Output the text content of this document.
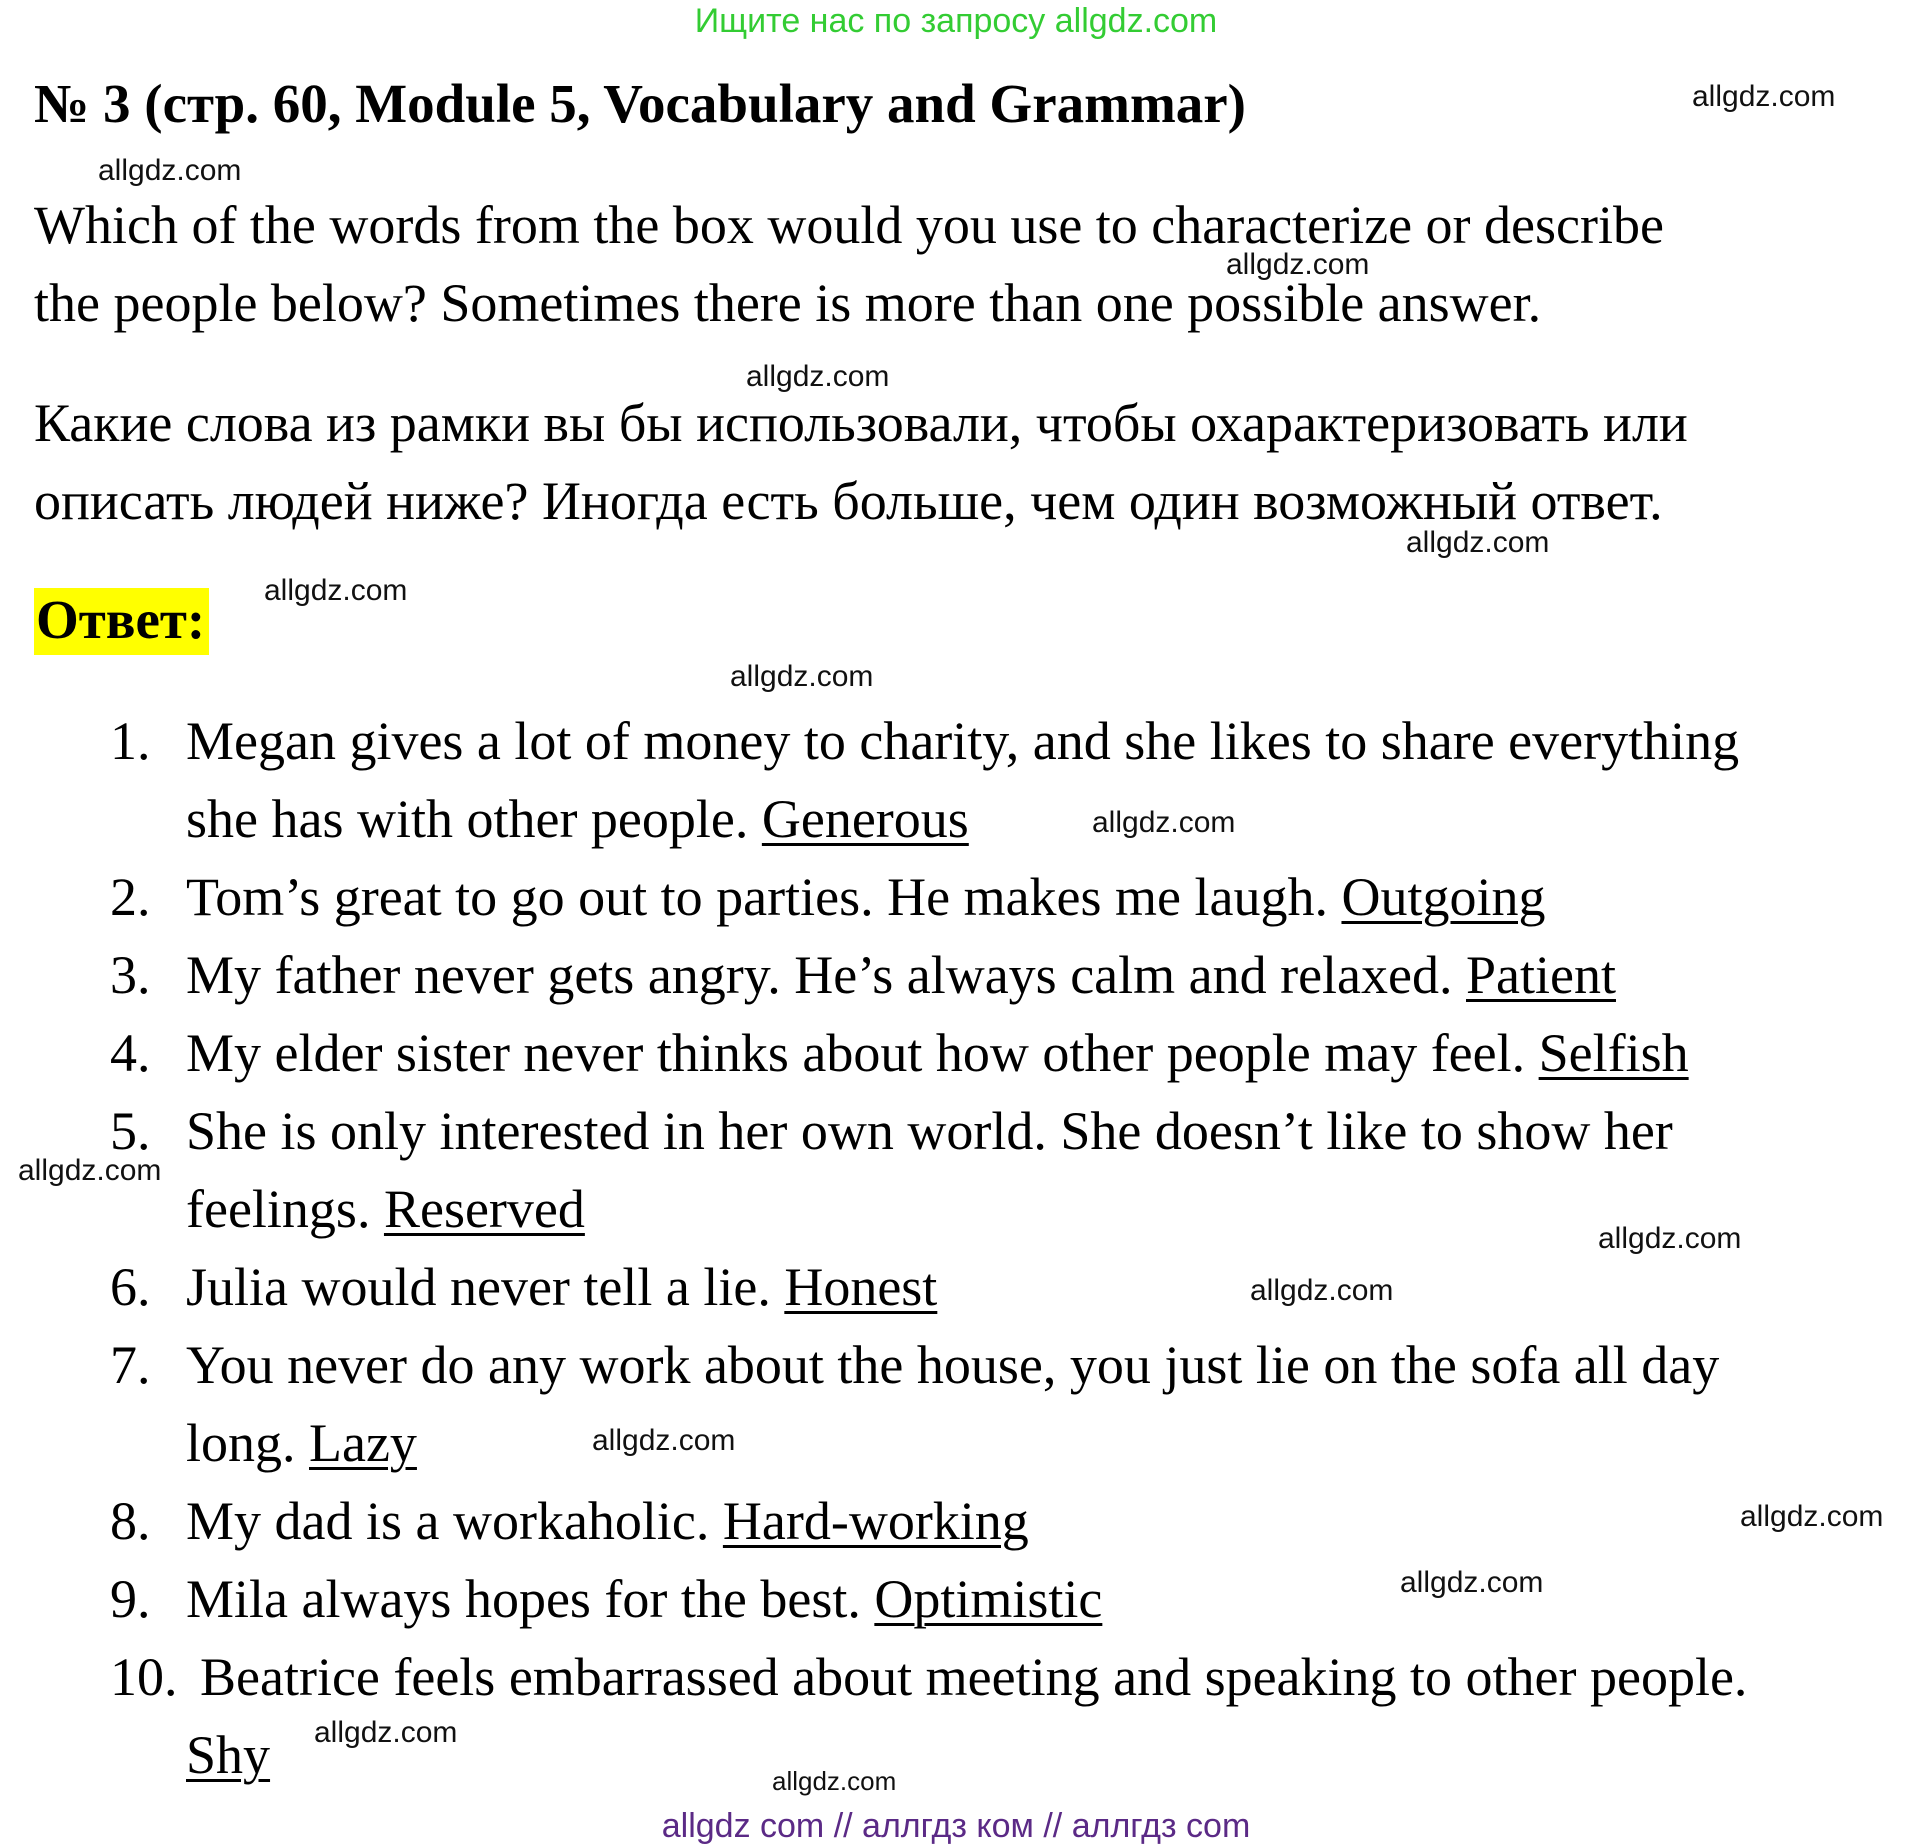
Ищите нас по запросу allgdz.com
№ 3 (стр. 60, Module 5, Vocabulary and Grammar)
Which of the words from the box would you use to characterize or describe
the people below? Sometimes there is more than one possible answer.
Какие слова из рамки вы бы использовали, чтобы охарактеризовать или
описать людей ниже? Иногда есть больше, чем один возможный ответ.
Ответ:
1. Megan gives a lot of money to charity, and she likes to share everything
she has with other people. Generous
2. Tom’s great to go out to parties. He makes me laugh. Outgoing
3. My father never gets angry. He’s always calm and relaxed. Patient
4. My elder sister never thinks about how other people may feel. Selfish
5. She is only interested in her own world. She doesn’t like to show her
feelings. Reserved
6. Julia would never tell a lie. Honest
7. You never do any work about the house, you just lie on the sofa all day
long. Lazy
8. My dad is a workaholic. Hard-working
9. Mila always hopes for the best. Optimistic
10. Beatrice feels embarrassed about meeting and speaking to other people.
Shy
allgdz.com
allgdz.com
allgdz.com
allgdz.com
allgdz.com
allgdz.com
allgdz.com
allgdz.com
allgdz.com
allgdz.com
allgdz.com
allgdz.com
allgdz.com
allgdz.com
allgdz.com
allgdz.com
allgdz com // аллгдз ком // аллгдз com
